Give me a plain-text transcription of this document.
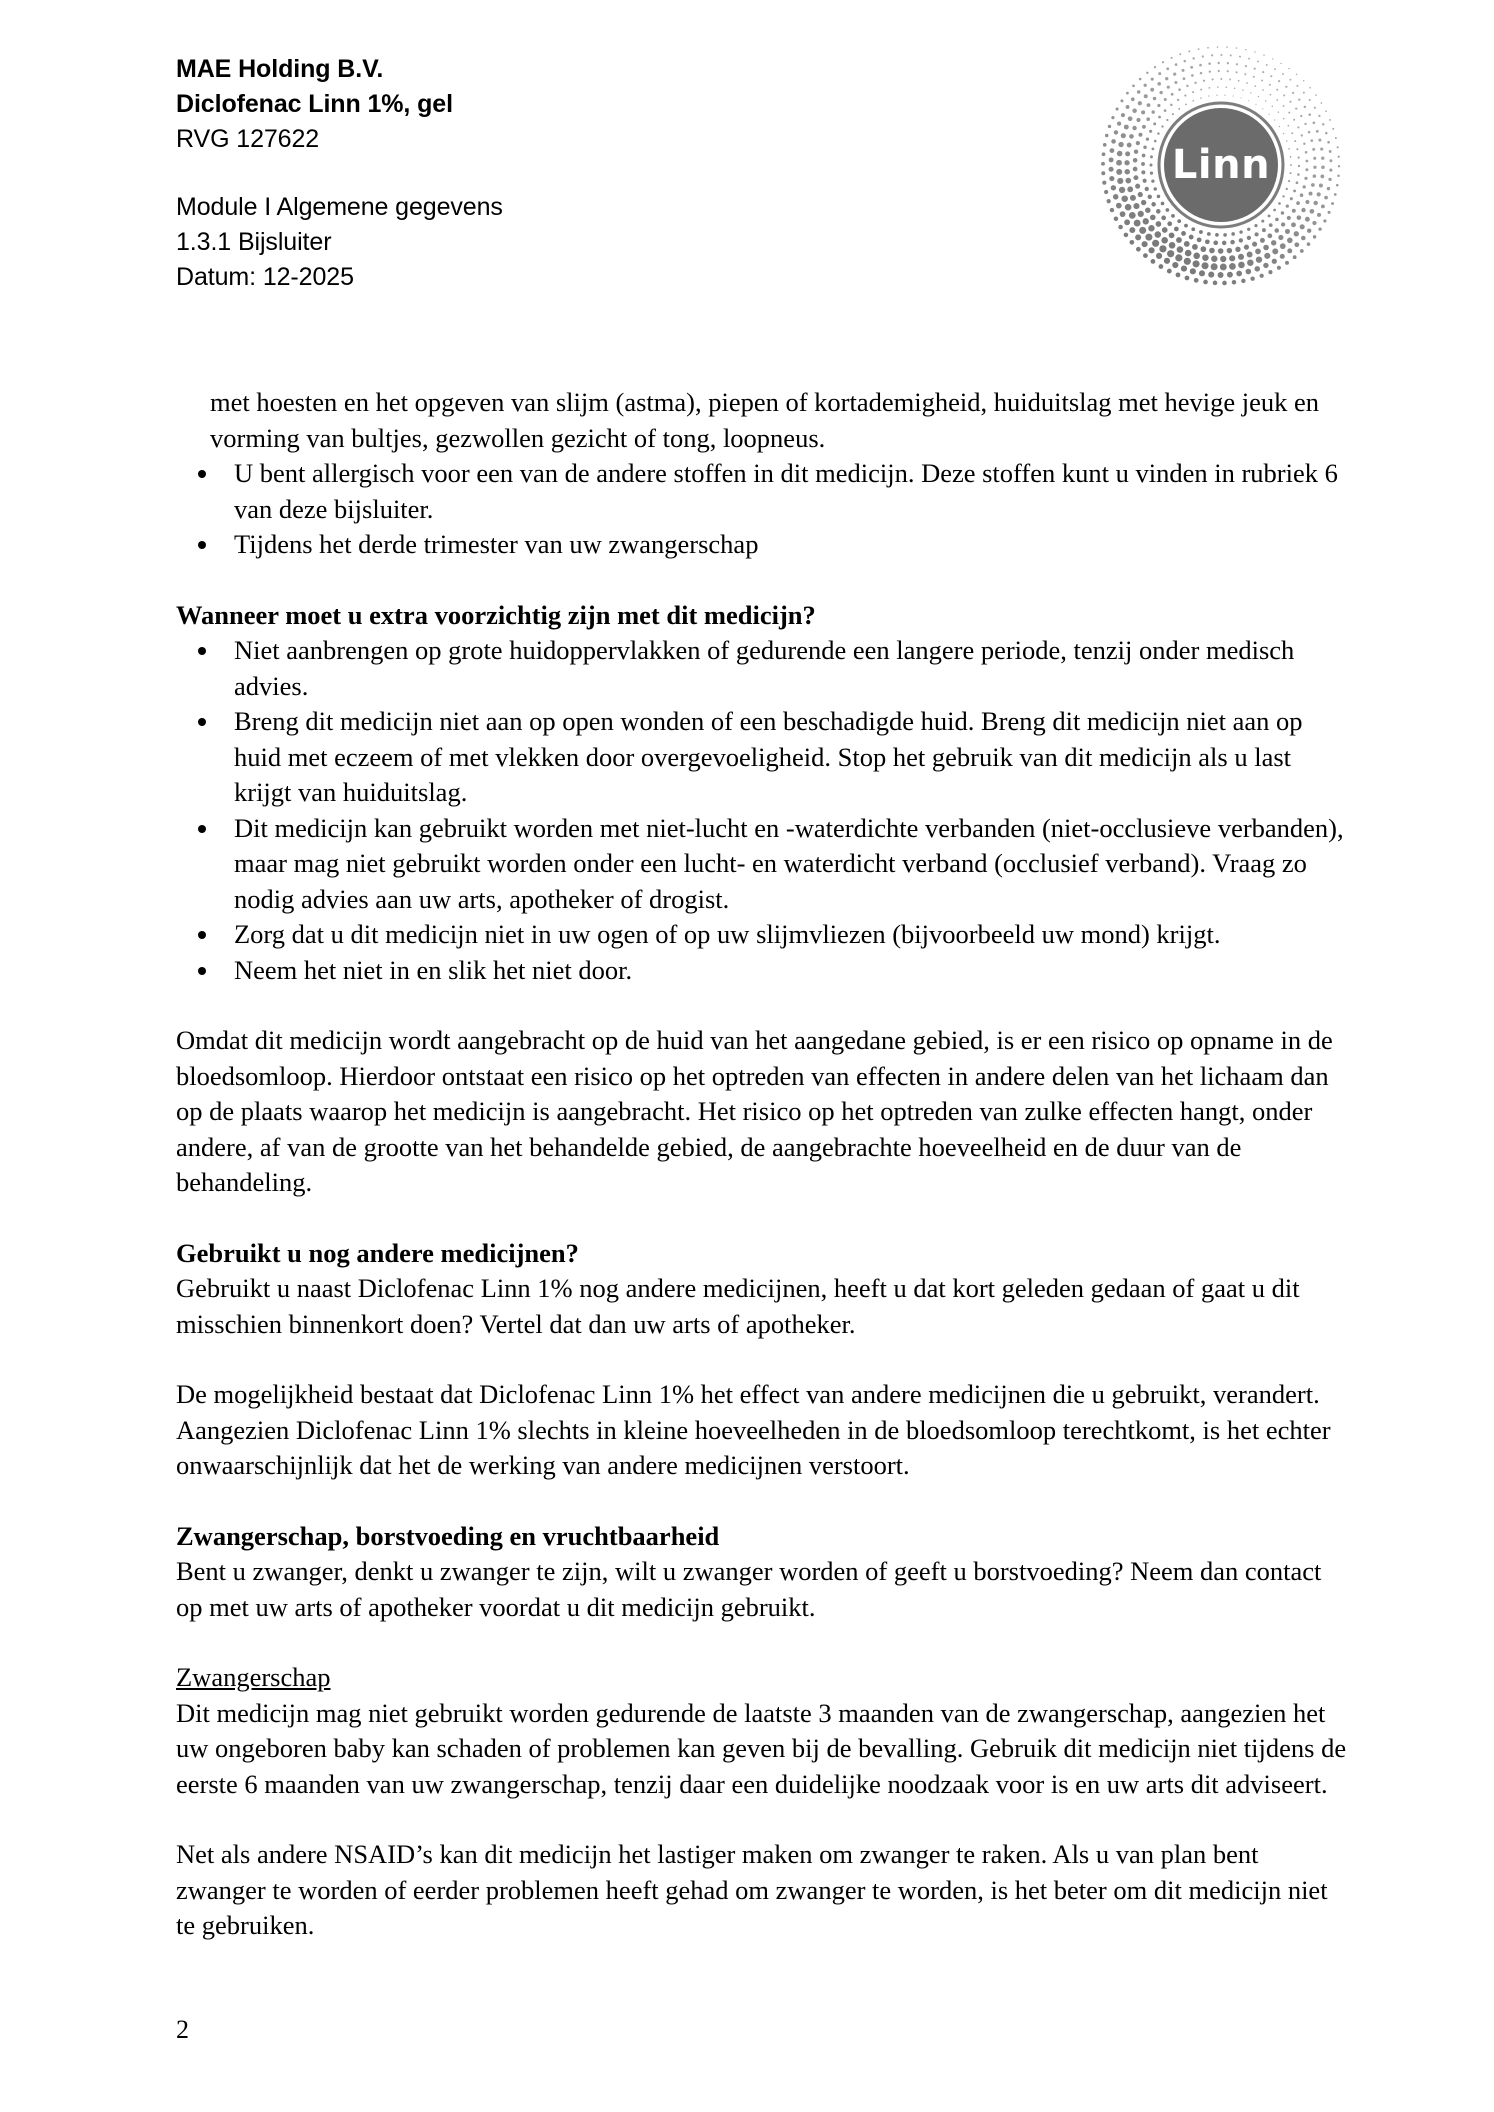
MAE Holding B.V.
Diclofenac Linn 1%, gel
RVG 127622
Module I Algemene gegevens
1.3.1 Bijsluiter
Datum: 12-2025
Linn

met hoesten en het opgeven van slijm (astma), piepen of kortademigheid, huiduitslag met hevige jeuk en vorming van bultjes, gezwollen gezicht of tong, loopneus.

U bent allergisch voor een van de andere stoffen in dit medicijn. Deze stoffen kunt u vinden in rubriek 6 van deze bijsluiter.
Tijdens het derde trimester van uw zwangerschap
Wanneer moet u extra voorzichtig zijn met dit medicijn?
Niet aanbrengen op grote huidoppervlakken of gedurende een langere periode, tenzij onder medisch advies.
Breng dit medicijn niet aan op open wonden of een beschadigde huid. Breng dit medicijn niet aan op huid met eczeem of met vlekken door overgevoeligheid. Stop het gebruik van dit medicijn als u last krijgt van huiduitslag.
Dit medicijn kan gebruikt worden met niet-lucht en -waterdichte verbanden (niet-occlusieve verbanden), maar mag niet gebruikt worden onder een lucht- en waterdicht verband (occlusief verband). Vraag zo nodig advies aan uw arts, apotheker of drogist.
Zorg dat u dit medicijn niet in uw ogen of op uw slijmvliezen (bijvoorbeeld uw mond) krijgt.
Neem het niet in en slik het niet door.

Omdat dit medicijn wordt aangebracht op de huid van het aangedane gebied, is er een risico op opname in de bloedsomloop. Hierdoor ontstaat een risico op het optreden van effecten in andere delen van het lichaam dan op de plaats waarop het medicijn is aangebracht. Het risico op het optreden van zulke effecten hangt, onder andere, af van de grootte van het behandelde gebied, de aangebrachte hoeveelheid en de duur van de behandeling.

Gebruikt u nog andere medicijnen?

Gebruikt u naast Diclofenac Linn 1% nog andere medicijnen, heeft u dat kort geleden gedaan of gaat u dit misschien binnenkort doen? Vertel dat dan uw arts of apotheker.

De mogelijkheid bestaat dat Diclofenac Linn 1% het effect van andere medicijnen die u gebruikt, verandert. Aangezien Diclofenac Linn 1% slechts in kleine hoeveelheden in de bloedsomloop terechtkomt, is het echter onwaarschijnlijk dat het de werking van andere medicijnen verstoort.

Zwangerschap, borstvoeding en vruchtbaarheid

Bent u zwanger, denkt u zwanger te zijn, wilt u zwanger worden of geeft u borstvoeding? Neem dan contact op met uw arts of apotheker voordat u dit medicijn gebruikt.

Zwangerschap

Dit medicijn mag niet gebruikt worden gedurende de laatste 3 maanden van de zwangerschap, aangezien het uw ongeboren baby kan schaden of problemen kan geven bij de bevalling. Gebruik dit medicijn niet tijdens de eerste 6 maanden van uw zwangerschap, tenzij daar een duidelijke noodzaak voor is en uw arts dit adviseert.

Net als andere NSAID’s kan dit medicijn het lastiger maken om zwanger te raken. Als u van plan bent zwanger te worden of eerder problemen heeft gehad om zwanger te worden, is het beter om dit medicijn niet te gebruiken.

2
